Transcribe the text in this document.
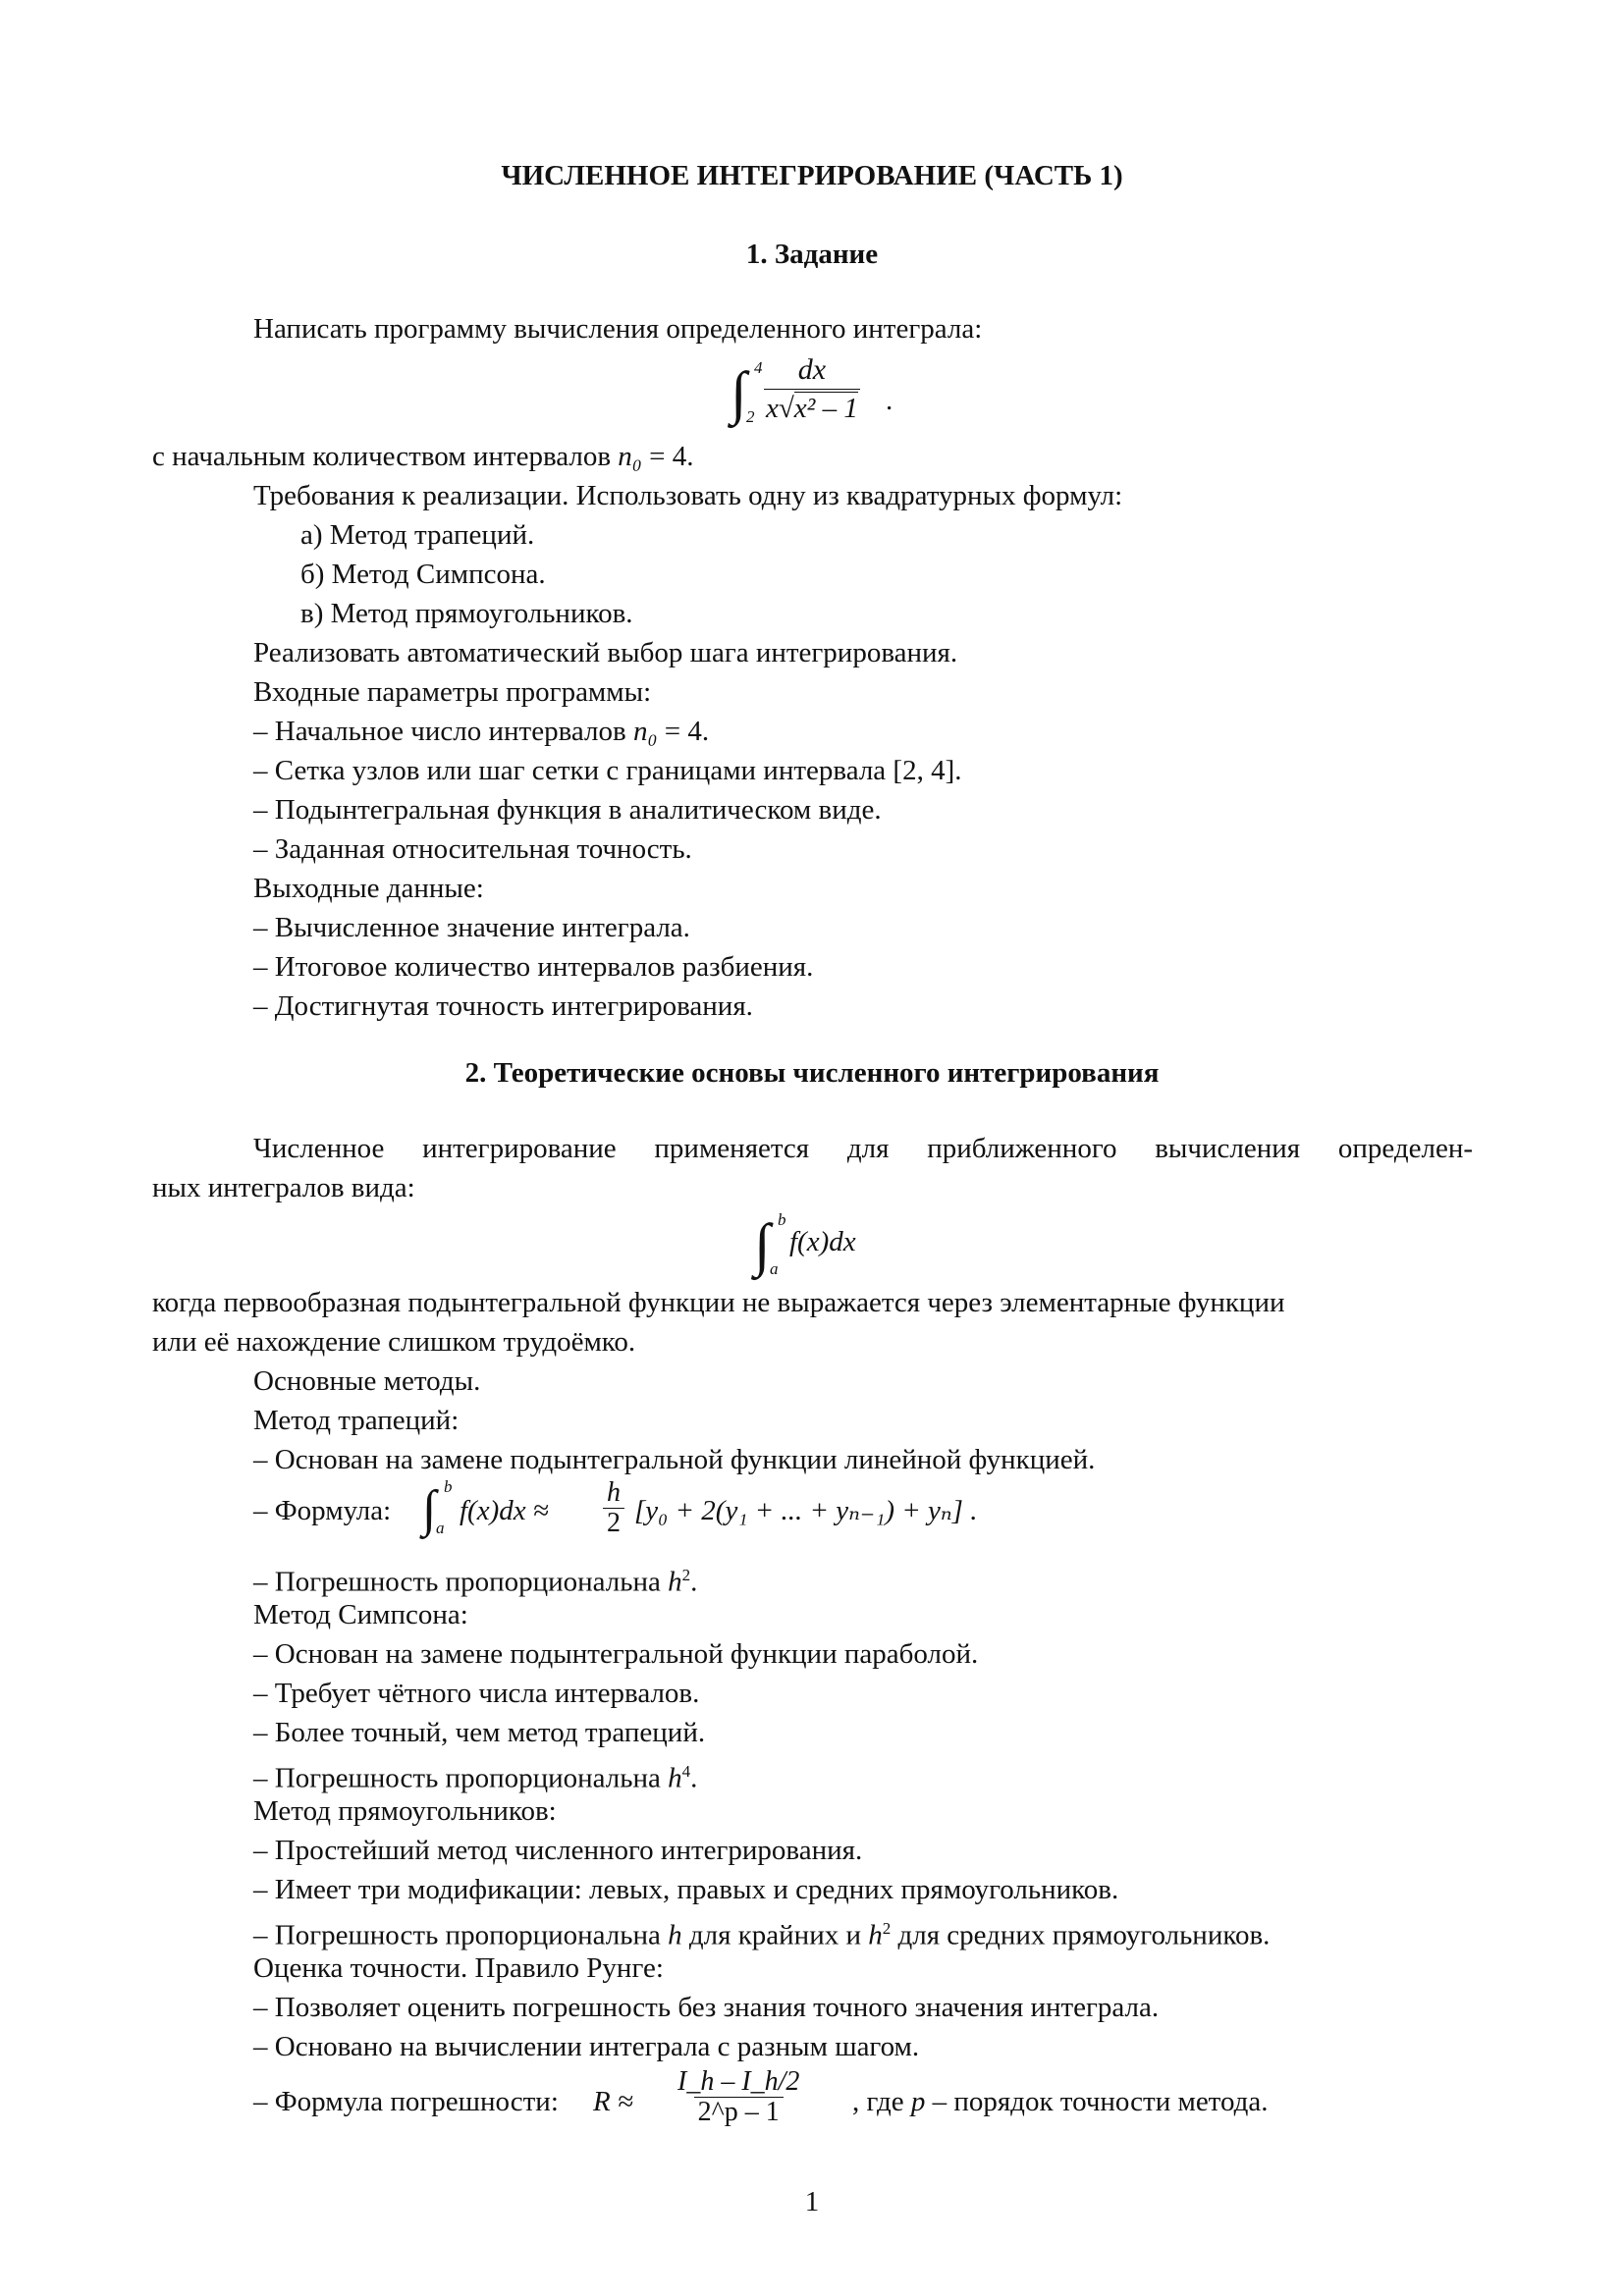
ЧИСЛЕННОЕ ИНТЕГРИРОВАНИЕ (ЧАСТЬ 1)
1. Задание
Написать программу вычисления определенного интеграла:
∫ 4
$2 \frac{dx}{\text{x√x² – 1}}$ .
с начальным количеством интервалов n₀ = 4.
Требования к реализации. Использовать одну из квадратурных формул:
а) Метод трапеций.
б) Метод Симпсона.
в) Метод прямоугольников.
Реализовать автоматический выбор шага интегрирования.
Входные параметры программы:
– Начальное число интервалов n₀ = 4.
– Сетка узлов или шаг сетки с границами интервала [2, 4].
– Подынтегральная функция в аналитическом виде.
– Заданная относительная точность.
Выходные данные:
– Вычисленное значение интеграла.
– Итоговое количество интервалов разбиения.
– Достигнутая точность интегрирования.
2. Теоретические основы численного интегрирования
Численное интегрирование применяется для приближенного вычисления определен-
ных интегралов вида:
∫ b
a
f(x)dx
когда первообразная подынтегральной функции не выражается через элементарные функции
или её нахождение слишком трудоёмко.
Основные методы.
Метод трапеций:
– Основан на замене подынтегральной функции линейной функцией.
– Формула: ∫ b
a
$f(x)dx \approx \frac{h}{2} [y_0 + 2(y_1$ + ... + yₙ₋₁) + yₙ] .
– Погрешность пропорциональна $h^2$.
Метод Симпсона:
– Основан на замене подынтегральной функции параболой.
– Требует чётного числа интервалов.
– Более точный, чем метод трапеций.
– Погрешность пропорциональна $h^4$.
Метод прямоугольников:
– Простейший метод численного интегрирования.
– Имеет три модификации: левых, правых и средних прямоугольников.
– Погрешность пропорциональна h для крайних и $h^2$ для средних прямоугольников.
Оценка точности. Правило Рунге:
– Позволяет оценить погрешность без знания точного значения интеграла.
– Основано на вычислении интеграла с разным шагом.
– Формула погрешности: $R \approx \frac{I\_h - I\_h/2}{2\^{}p - 1}$ , где p – порядок точности метода.
1
